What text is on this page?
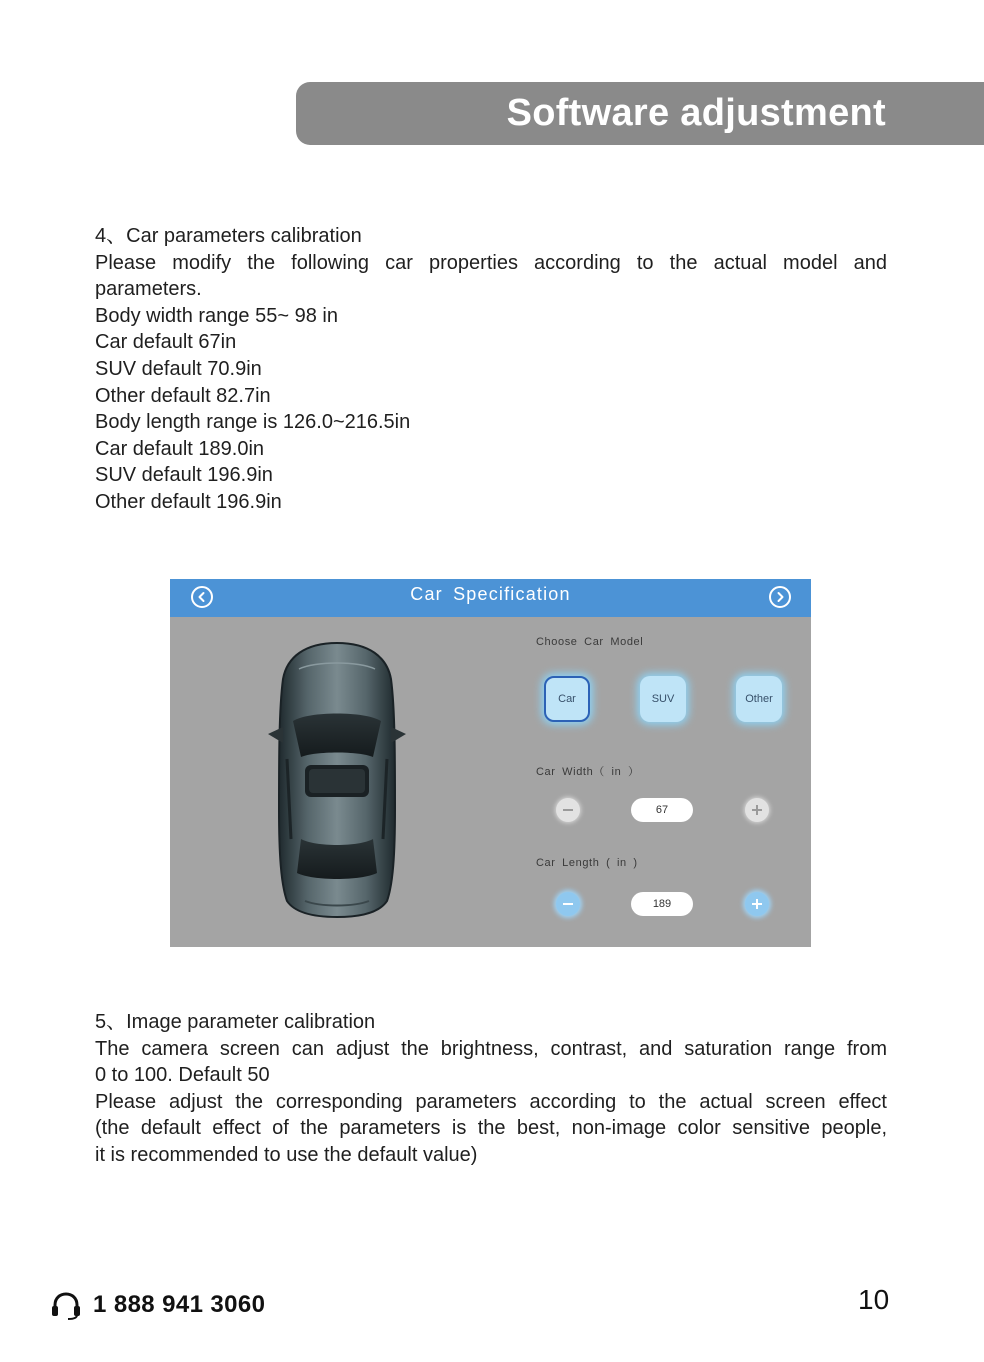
Software adjustment

4、Car parameters calibration

Please modify the following car properties according to the actual model and

parameters.

Body width range 55~ 98 in

Car default 67in

SUV default 70.9in

Other default 82.7in

Body length range is 126.0~216.5in

Car default 189.0in

SUV default 196.9in

Other default 196.9in

Car Specification
Choose Car Model
Car	SUV	Other
Car Width（ in ）
67
Car Length ( in )
189

5、Image parameter calibration

The camera screen can adjust the brightness, contrast, and saturation range from

0 to 100. Default 50

Please adjust the corresponding parameters according to the actual screen effect

(the default effect of the parameters is the best, non-image color sensitive people,

it is recommended to use the default value)

1 888 941 3060	10
